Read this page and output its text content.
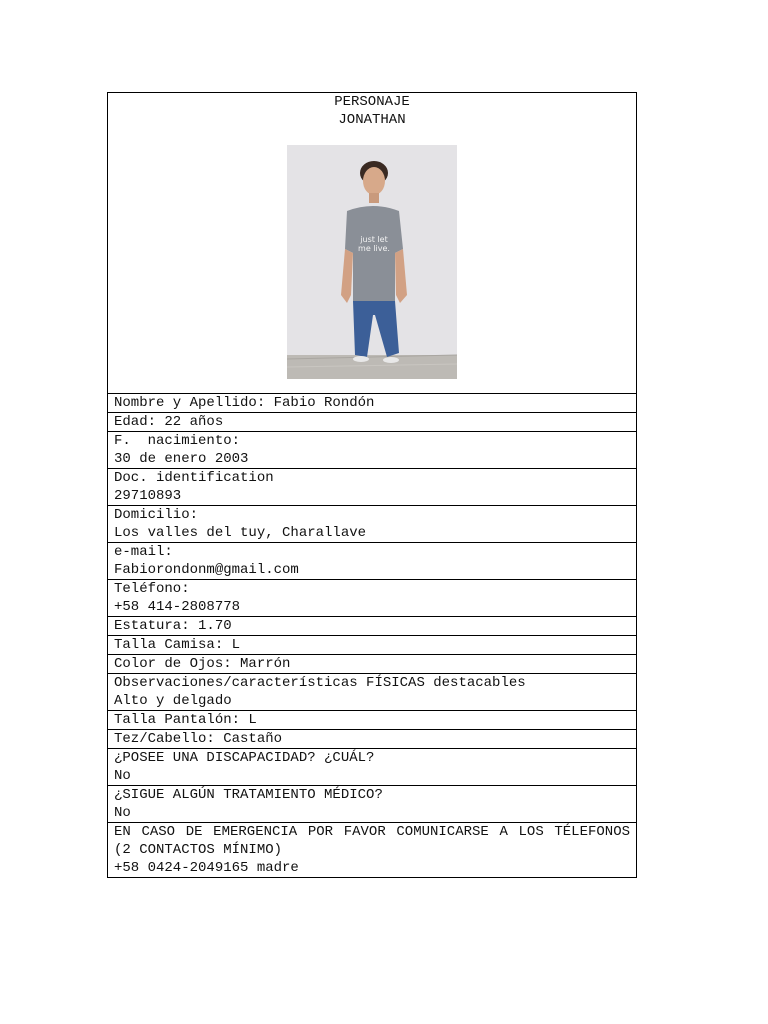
PERSONAJE
JONATHAN
just let
me live.

Nombre y Apellido: Fabio Rondón
Edad: 22 años

F. nacimiento:
30 de enero 2003

Doc. identification
29710893

Domicilio:
Los valles del tuy, Charallave

e-mail:
Fabiorondonm@gmail.com

Teléfono:
+58 414-2808778

Estatura: 1.70
Talla Camisa: L
Color de Ojos: Marrón

Observaciones/características FÍSICAS destacables
Alto y delgado

Talla Pantalón: L
Tez/Cabello: Castaño

¿POSEE UNA DISCAPACIDAD? ¿CUÁL?
No

¿SIGUE ALGÚN TRATAMIENTO MÉDICO?
No

EN CASO DE EMERGENCIA POR FAVOR COMUNICARSE A LOS TÉLEFONOS (2 CONTACTOS MÍNIMO)
+58 0424-2049165 madre
